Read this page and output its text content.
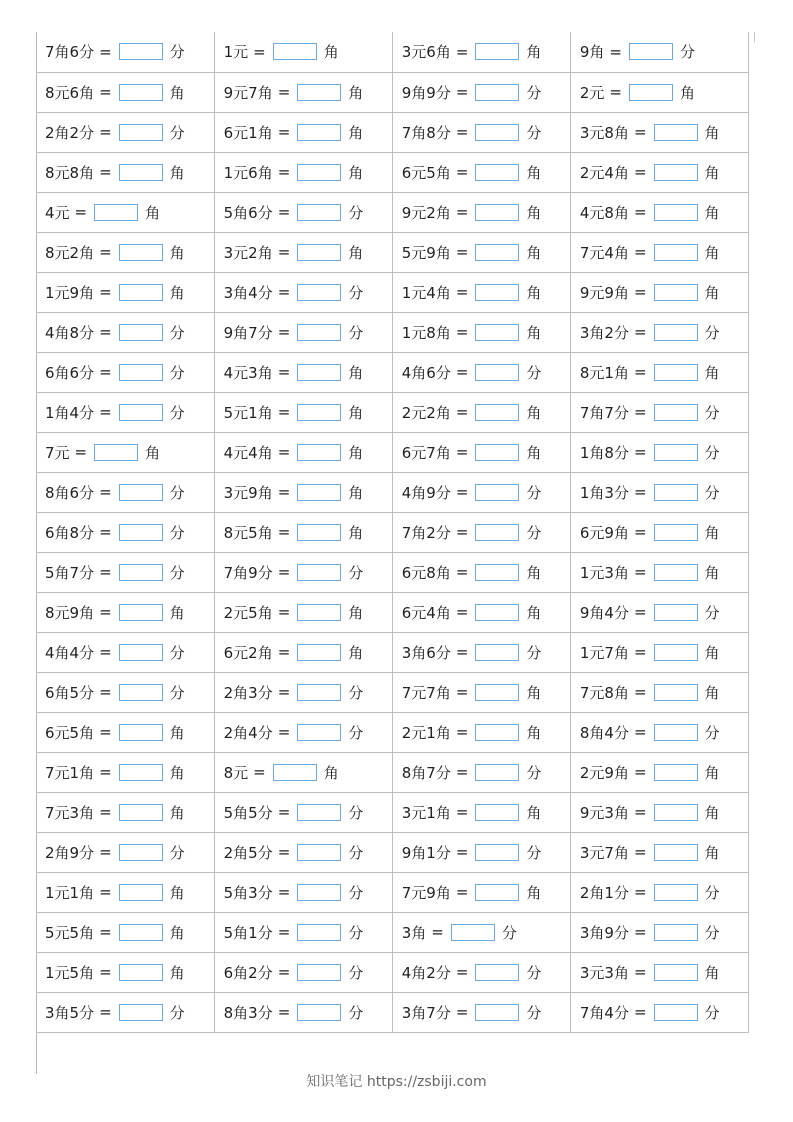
7角6分 = 分	1元 = 角	3元6角 = 角	9角 = 分
8元6角 = 角	9元7角 = 角	9角9分 = 分	2元 = 角
2角2分 = 分	6元1角 = 角	7角8分 = 分	3元8角 = 角
8元8角 = 角	1元6角 = 角	6元5角 = 角	2元4角 = 角
4元 = 角	5角6分 = 分	9元2角 = 角	4元8角 = 角
8元2角 = 角	3元2角 = 角	5元9角 = 角	7元4角 = 角
1元9角 = 角	3角4分 = 分	1元4角 = 角	9元9角 = 角
4角8分 = 分	9角7分 = 分	1元8角 = 角	3角2分 = 分
6角6分 = 分	4元3角 = 角	4角6分 = 分	8元1角 = 角
1角4分 = 分	5元1角 = 角	2元2角 = 角	7角7分 = 分
7元 = 角	4元4角 = 角	6元7角 = 角	1角8分 = 分
8角6分 = 分	3元9角 = 角	4角9分 = 分	1角3分 = 分
6角8分 = 分	8元5角 = 角	7角2分 = 分	6元9角 = 角
5角7分 = 分	7角9分 = 分	6元8角 = 角	1元3角 = 角
8元9角 = 角	2元5角 = 角	6元4角 = 角	9角4分 = 分
4角4分 = 分	6元2角 = 角	3角6分 = 分	1元7角 = 角
6角5分 = 分	2角3分 = 分	7元7角 = 角	7元8角 = 角
6元5角 = 角	2角4分 = 分	2元1角 = 角	8角4分 = 分
7元1角 = 角	8元 = 角	8角7分 = 分	2元9角 = 角
7元3角 = 角	5角5分 = 分	3元1角 = 角	9元3角 = 角
2角9分 = 分	2角5分 = 分	9角1分 = 分	3元7角 = 角
1元1角 = 角	5角3分 = 分	7元9角 = 角	2角1分 = 分
5元5角 = 角	5角1分 = 分	3角 = 分	3角9分 = 分
1元5角 = 角	6角2分 = 分	4角2分 = 分	3元3角 = 角
3角5分 = 分	8角3分 = 分	3角7分 = 分	7角4分 = 分
知识笔记 https://zsbiji.com
